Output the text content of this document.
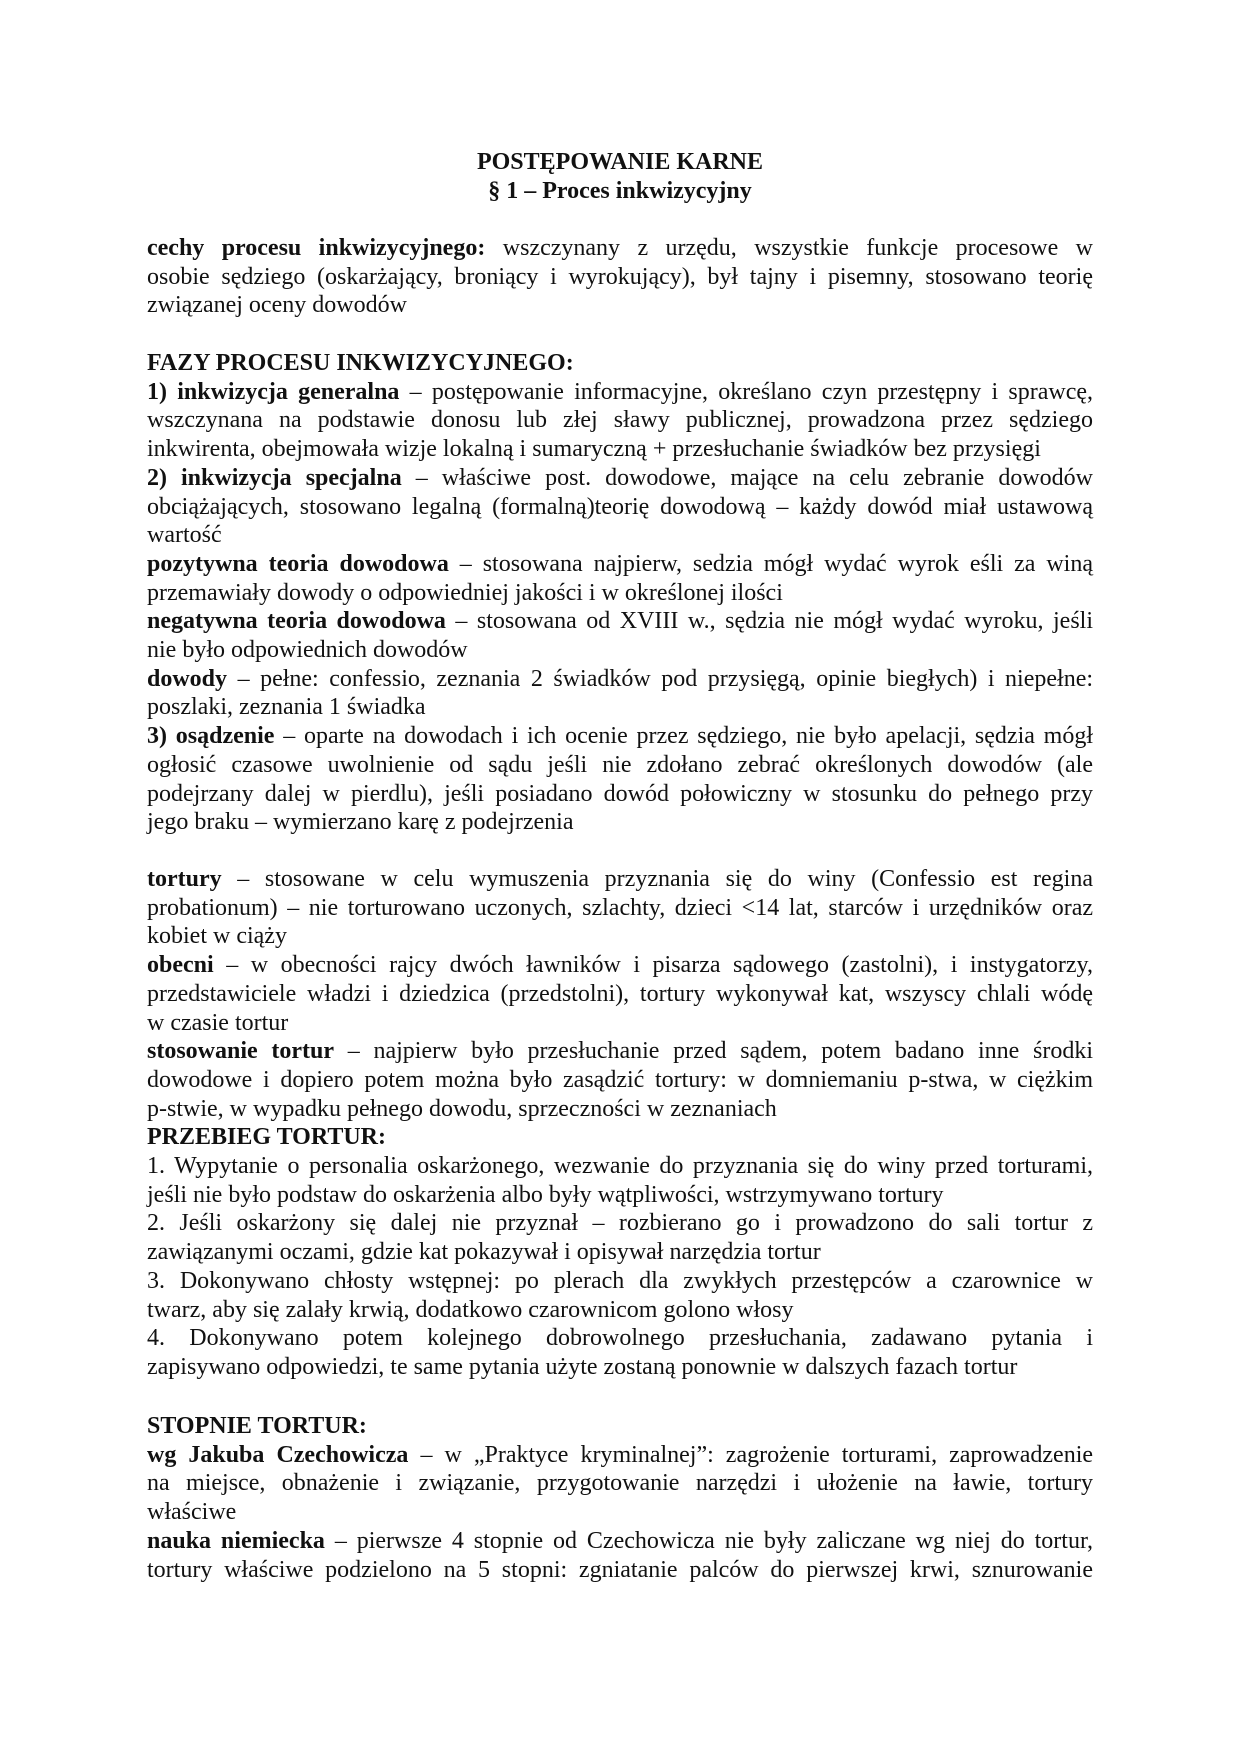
POSTĘPOWANIE KARNE
§ 1 – Proces inkwizycyjny
cechy procesu inkwizycyjnego: wszczynany z urzędu, wszystkie funkcje procesowe w
osobie sędziego (oskarżający, broniący i wyrokujący), był tajny i pisemny, stosowano teorię
związanej oceny dowodów
FAZY PROCESU INKWIZYCYJNEGO:
1) inkwizycja generalna – postępowanie informacyjne, określano czyn przestępny i sprawcę,
wszczynana na podstawie donosu lub złej sławy publicznej, prowadzona przez sędziego
inkwirenta, obejmowała wizje lokalną i sumaryczną + przesłuchanie świadków bez przysięgi
2) inkwizycja specjalna – właściwe post. dowodowe, mające na celu zebranie dowodów
obciążających, stosowano legalną (formalną)teorię dowodową – każdy dowód miał ustawową
wartość
pozytywna teoria dowodowa – stosowana najpierw, sedzia mógł wydać wyrok eśli za winą
przemawiały dowody o odpowiedniej jakości i w określonej ilości
negatywna teoria dowodowa – stosowana od XVIII w., sędzia nie mógł wydać wyroku, jeśli
nie było odpowiednich dowodów
dowody – pełne: confessio, zeznania 2 świadków pod przysięgą, opinie biegłych) i niepełne:
poszlaki, zeznania 1 świadka
3) osądzenie – oparte na dowodach i ich ocenie przez sędziego, nie było apelacji, sędzia mógł
ogłosić czasowe uwolnienie od sądu jeśli nie zdołano zebrać określonych dowodów (ale
podejrzany dalej w pierdlu), jeśli posiadano dowód połowiczny w stosunku do pełnego przy
jego braku – wymierzano karę z podejrzenia
tortury – stosowane w celu wymuszenia przyznania się do winy (Confessio est regina
probationum) – nie torturowano uczonych, szlachty, dzieci <14 lat, starców i urzędników oraz
kobiet w ciąży
obecni – w obecności rajcy dwóch ławników i pisarza sądowego (zastolni), i instygatorzy,
przedstawiciele władzi i dziedzica (przedstolni), tortury wykonywał kat, wszyscy chlali wódę
w czasie tortur
stosowanie tortur – najpierw było przesłuchanie przed sądem, potem badano inne środki
dowodowe i dopiero potem można było zasądzić tortury: w domniemaniu p-stwa, w ciężkim
p-stwie, w wypadku pełnego dowodu, sprzeczności w zeznaniach
PRZEBIEG TORTUR:
1. Wypytanie o personalia oskarżonego, wezwanie do przyznania się do winy przed torturami,
jeśli nie było podstaw do oskarżenia albo były wątpliwości, wstrzymywano tortury
2. Jeśli oskarżony się dalej nie przyznał – rozbierano go i prowadzono do sali tortur z
zawiązanymi oczami, gdzie kat pokazywał i opisywał narzędzia tortur
3. Dokonywano chłosty wstępnej: po plerach dla zwykłych przestępców a czarownice w
twarz, aby się zalały krwią, dodatkowo czarownicom golono włosy
4. Dokonywano potem kolejnego dobrowolnego przesłuchania, zadawano pytania i
zapisywano odpowiedzi, te same pytania użyte zostaną ponownie w dalszych fazach tortur
STOPNIE TORTUR:
wg Jakuba Czechowicza – w „Praktyce kryminalnej”: zagrożenie torturami, zaprowadzenie
na miejsce, obnażenie i związanie, przygotowanie narzędzi i ułożenie na ławie, tortury
właściwe
nauka niemiecka – pierwsze 4 stopnie od Czechowicza nie były zaliczane wg niej do tortur,
tortury właściwe podzielono na 5 stopni: zgniatanie palców do pierwszej krwi, sznurowanie
